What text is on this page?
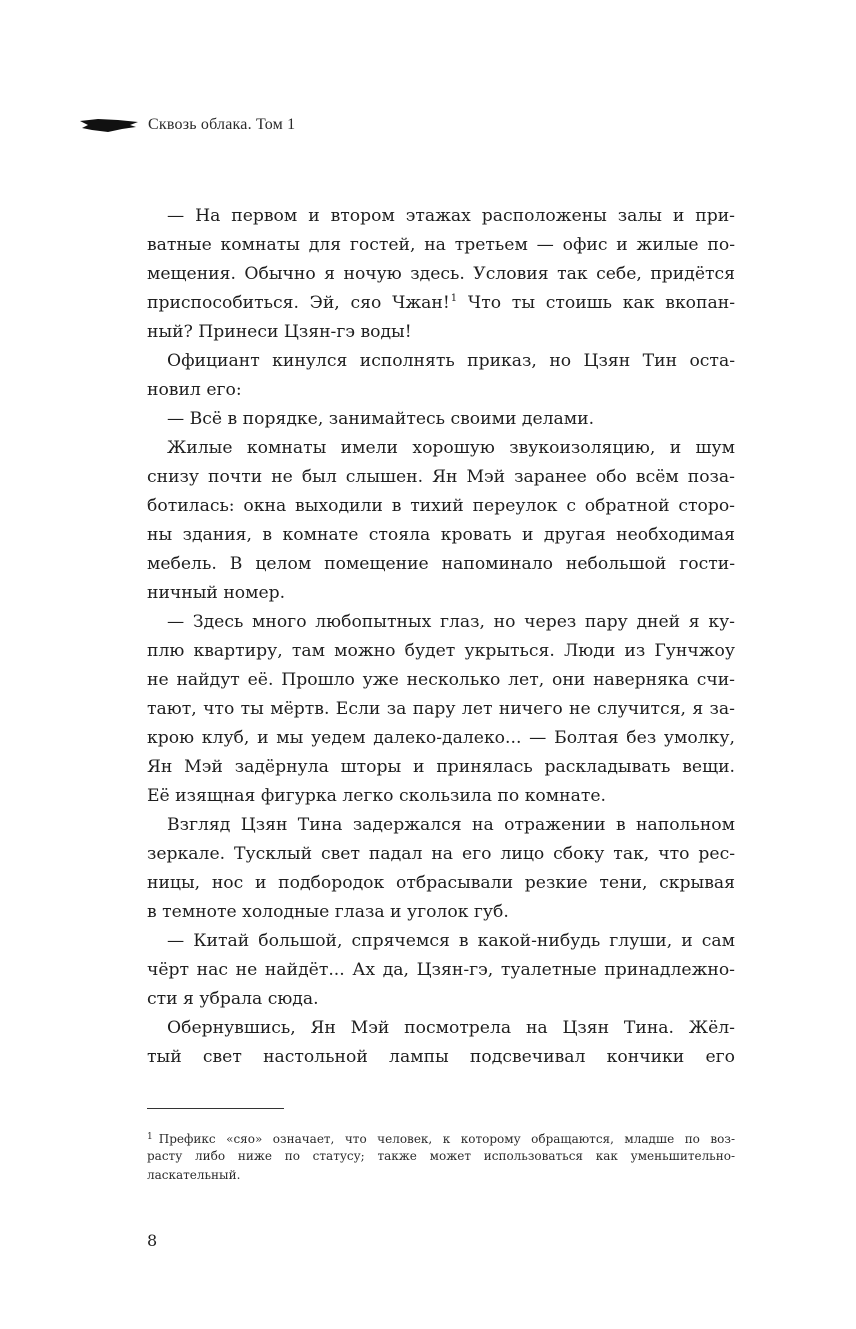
Сквозь облака. Том 1
— На первом и втором этажах расположены залы и при-
ватные комнаты для гостей, на третьем — офис и жилые по-
мещения. Обычно я ночую здесь. Условия так себе, придётся
приспособиться. Эй, сяо Чжан!$^1$ Что ты стоишь как вкопан-
ный? Принеси Цзян-гэ воды!
Официант кинулся исполнять приказ, но Цзян Тин оста-
новил его:
— Всё в порядке, занимайтесь своими делами.
Жилые комнаты имели хорошую звукоизоляцию, и шум
снизу почти не был слышен. Ян Мэй заранее обо всём поза-
ботилась: окна выходили в тихий переулок с обратной сторо-
ны здания, в комнате стояла кровать и другая необходимая
мебель. В целом помещение напоминало небольшой гости-
ничный номер.
— Здесь много любопытных глаз, но через пару дней я ку-
плю квартиру, там можно будет укрыться. Люди из Гунчжоу
не найдут её. Прошло уже несколько лет, они наверняка счи-
тают, что ты мёртв. Если за пару лет ничего не случится, я за-
крою клуб, и мы уедем далеко-далеко... — Болтая без умолку,
Ян Мэй задёрнула шторы и принялась раскладывать вещи.
Её изящная фигурка легко скользила по комнате.
Взгляд Цзян Тина задержался на отражении в напольном
зеркале. Тусклый свет падал на его лицо сбоку так, что рес-
ницы, нос и подбородок отбрасывали резкие тени, скрывая
в темноте холодные глаза и уголок губ.
— Китай большой, спрячемся в какой-нибудь глуши, и сам
чёрт нас не найдёт... Ах да, Цзян-гэ, туалетные принадлежно-
сти я убрала сюда.
Обернувшись, Ян Мэй посмотрела на Цзян Тина. Жёл-
тый свет настольной лампы подсвечивал кончики его
$^1$ Префикс «сяо» означает, что человек, к которому обращаются, младше по воз-
расту либо ниже по статусу; также может использоваться как уменьшительно-
ласкательный.
8
